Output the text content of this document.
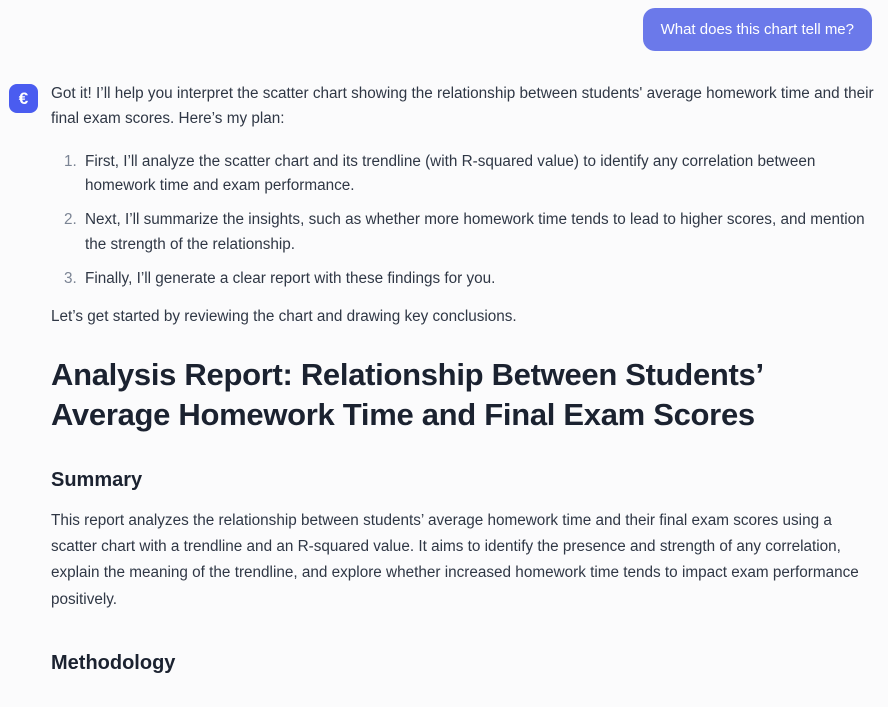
What does this chart tell me?
€	Got it! I’ll help you interpret the scatter chart showing the relationship between students' average homework time and their final exam scores. Here’s my plan:

1. First, I’ll analyze the scatter chart and its trendline (with R-squared value) to identify any correlation between homework time and exam performance.
2. Next, I’ll summarize the insights, such as whether more homework time tends to lead to higher scores, and mention the strength of the relationship.
3. Finally, I’ll generate a clear report with these findings for you.

Let’s get started by reviewing the chart and drawing key conclusions.

Analysis Report: Relationship Between Students’ Average Homework Time and Final Exam Scores
Summary

This report analyzes the relationship between students’ average homework time and their final exam scores using a scatter chart with a trendline and an R-squared value. It aims to identify the presence and strength of any correlation, explain the meaning of the trendline, and explore whether increased homework time tends to impact exam performance positively.

Methodology
